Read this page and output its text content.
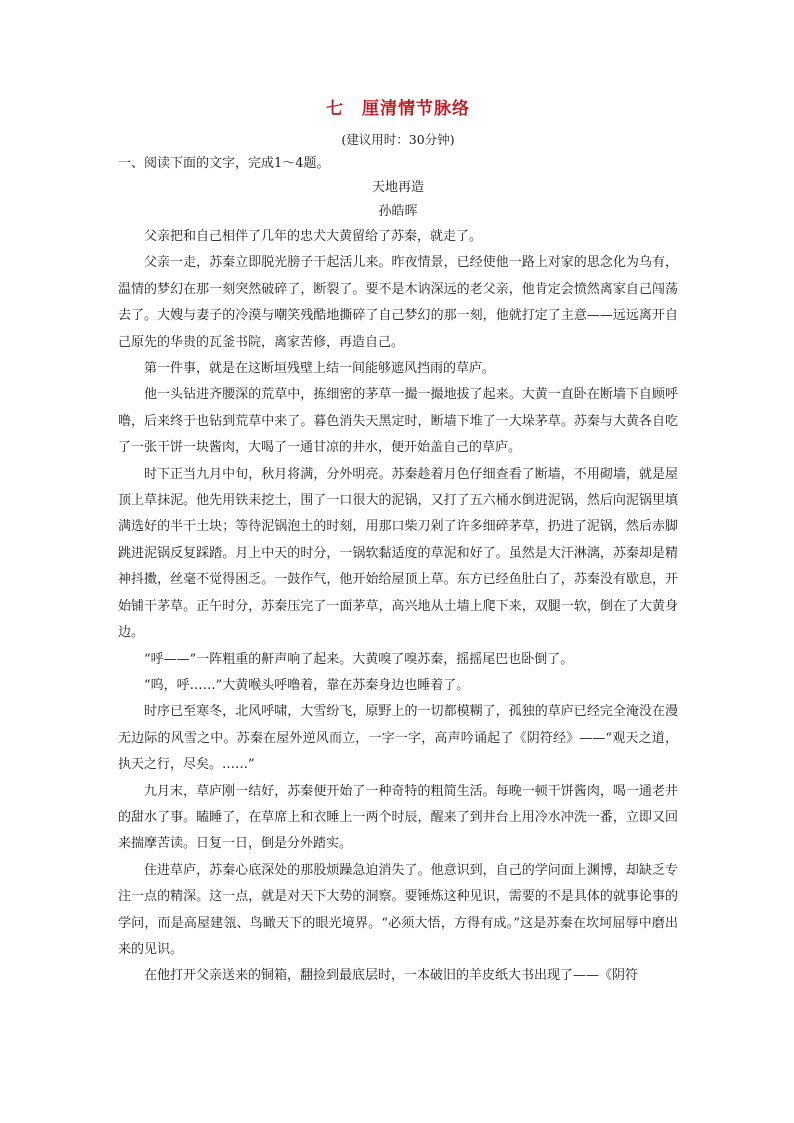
七　厘清情节脉络
(建议用时：30分钟)
一、阅读下面的文字，完成1～4题。
天地再造
孙皓晖

父亲把和自己相伴了几年的忠犬大黄留给了苏秦，就走了。

父亲一走，苏秦立即脱光膀子干起活儿来。昨夜情景，已经使他一路上对家的思念化为乌有，温情的梦幻在那一刻突然破碎了，断裂了。要不是木讷深远的老父亲，他肯定会愤然离家自己闯荡去了。大嫂与妻子的冷漠与嘲笑残酷地撕碎了自己梦幻的那一刻，他就打定了主意——远远离开自己原先的华贵的瓦釜书院，离家苦修，再造自己。

第一件事，就是在这断垣残壁上结一间能够遮风挡雨的草庐。

他一头钻进齐腰深的荒草中，拣细密的茅草一撮一撮地拔了起来。大黄一直卧在断墙下自顾呼噜，后来终于也钻到荒草中来了。暮色消失天黑定时，断墙下堆了一大垛茅草。苏秦与大黄各自吃了一张干饼一块酱肉，大喝了一通甘凉的井水，便开始盖自己的草庐。

时下正当九月中旬，秋月将满，分外明亮。苏秦趁着月色仔细查看了断墙，不用砌墙，就是屋顶上草抹泥。他先用铁耒挖土，围了一口很大的泥锅，又打了五六桶水倒进泥锅，然后向泥锅里填满选好的半干土块；等待泥锅泡土的时刻，用那口柴刀剁了许多细碎茅草，扔进了泥锅，然后赤脚跳进泥锅反复踩踏。月上中天的时分，一锅软黏适度的草泥和好了。虽然是大汗淋漓，苏秦却是精神抖擞，丝毫不觉得困乏。一鼓作气，他开始给屋顶上草。东方已经鱼肚白了，苏秦没有歇息，开始铺干茅草。正午时分，苏秦压完了一面茅草，高兴地从土墙上爬下来，双腿一软，倒在了大黄身边。

“呼——”一阵粗重的鼾声响了起来。大黄嗅了嗅苏秦，摇摇尾巴也卧倒了。

“呜，呼……”大黄喉头呼噜着，靠在苏秦身边也睡着了。

时序已至寒冬，北风呼啸，大雪纷飞，原野上的一切都模糊了，孤独的草庐已经完全淹没在漫无边际的风雪之中。苏秦在屋外逆风而立，一字一字，高声吟诵起了《阴符经》——“观天之道，执天之行，尽矣。……”

九月末，草庐刚一结好，苏秦便开始了一种奇特的粗简生活。每晚一顿干饼酱肉，喝一通老井的甜水了事。瞌睡了，在草席上和衣睡上一两个时辰，醒来了到井台上用冷水冲洗一番，立即又回来揣摩苦读。日复一日，倒是分外踏实。

住进草庐，苏秦心底深处的那股烦躁急迫消失了。他意识到，自己的学问面上渊博，却缺乏专注一点的精深。这一点，就是对天下大势的洞察。要锤炼这种见识，需要的不是具体的就事论事的学问，而是高屋建瓴、鸟瞰天下的眼光境界。“必须大悟，方得有成。”这是苏秦在坎坷屈辱中磨出来的见识。

在他打开父亲送来的铜箱，翻捡到最底层时，一本破旧的羊皮纸大书出现了——《阴符
